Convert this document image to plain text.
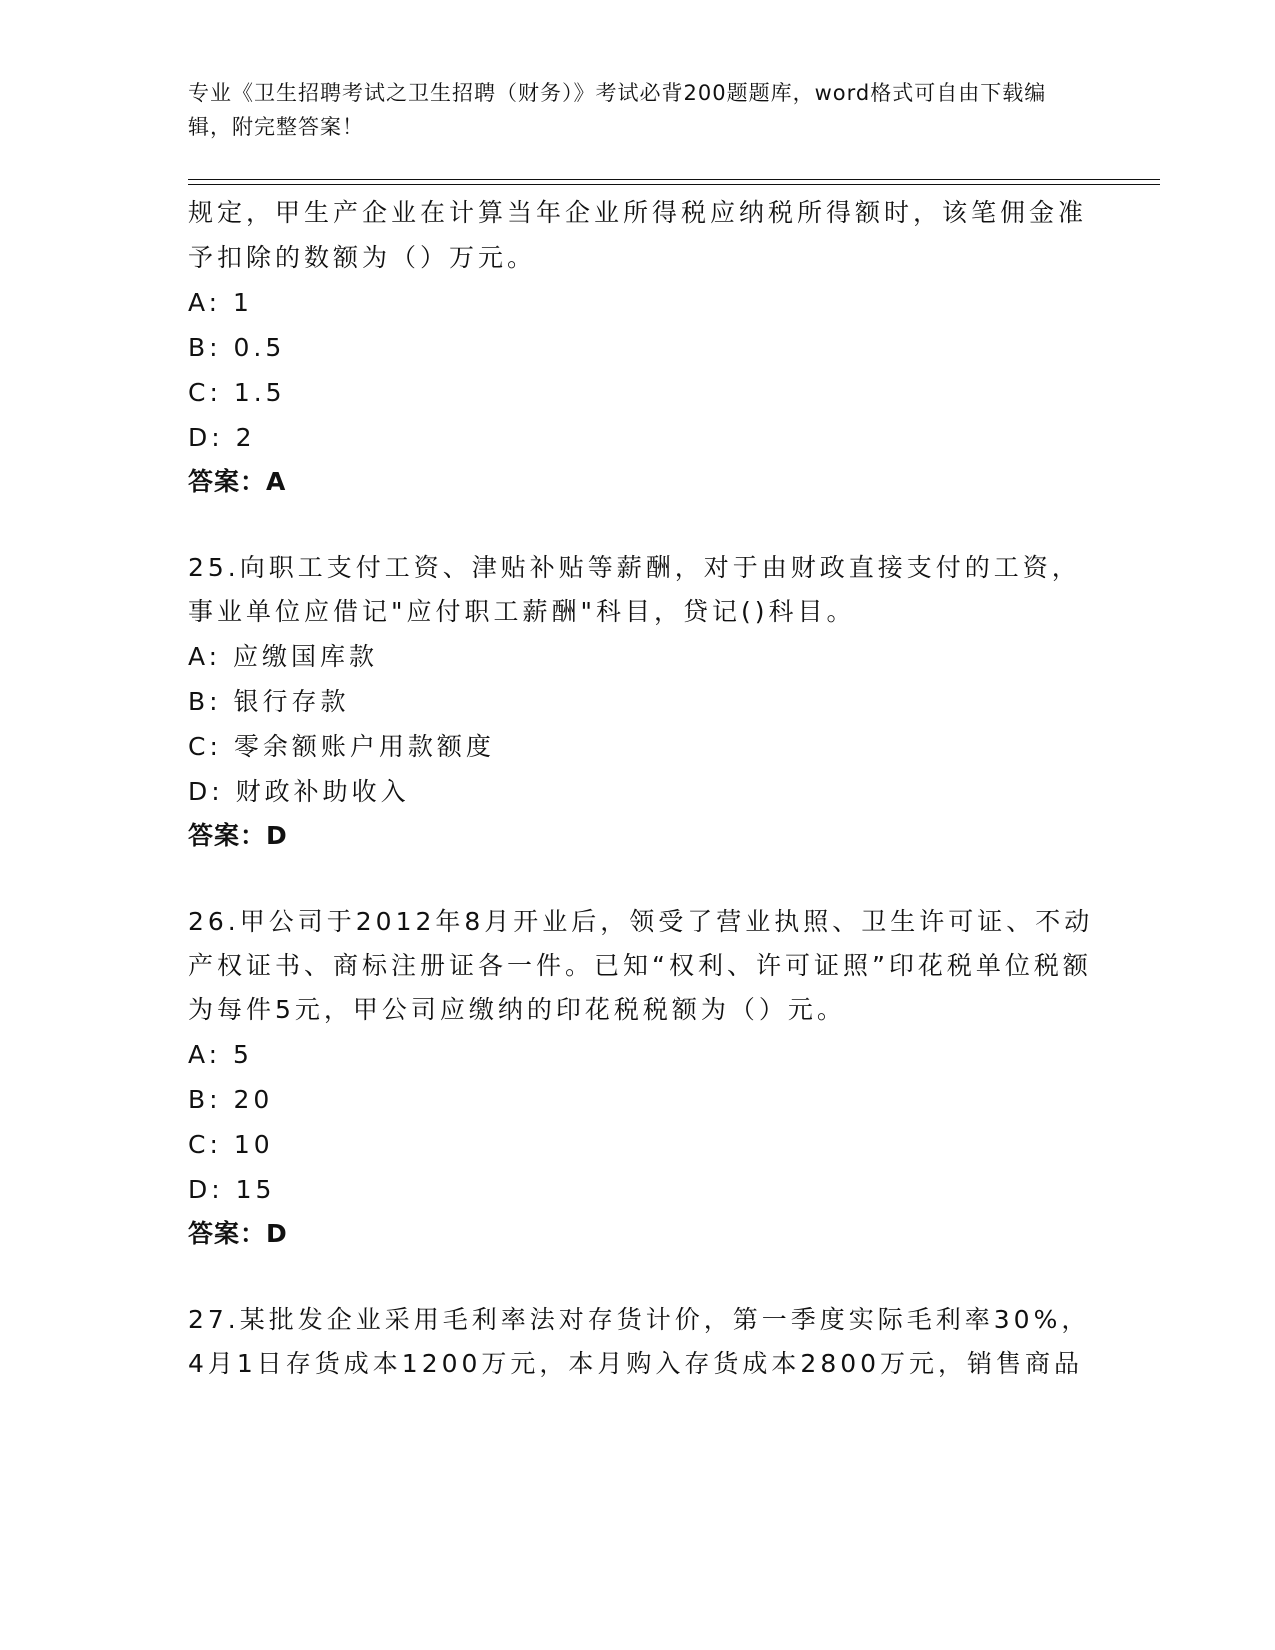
专业《卫生招聘考试之卫生招聘（财务）》考试必背200题题库，word格式可自由下载编辑，附完整答案！
规定，甲生产企业在计算当年企业所得税应纳税所得额时，该笔佣金准予扣除的数额为（）万元。
A: 1
B: 0.5
C: 1.5
D: 2
答案：A
25.向职工支付工资、津贴补贴等薪酬，对于由财政直接支付的工资，事业单位应借记"应付职工薪酬"科目，贷记()科目。
A: 应缴国库款
B: 银行存款
C: 零余额账户用款额度
D: 财政补助收入
答案：D
26.甲公司于2012年8月开业后，领受了营业执照、卫生许可证、不动产权证书、商标注册证各一件。已知“权利、许可证照”印花税单位税额为每件5元，甲公司应缴纳的印花税税额为（）元。
A: 5
B: 20
C: 10
D: 15
答案：D
27.某批发企业采用毛利率法对存货计价，第一季度实际毛利率30%，4月1日存货成本1200万元，本月购入存货成本2800万元，销售商品
